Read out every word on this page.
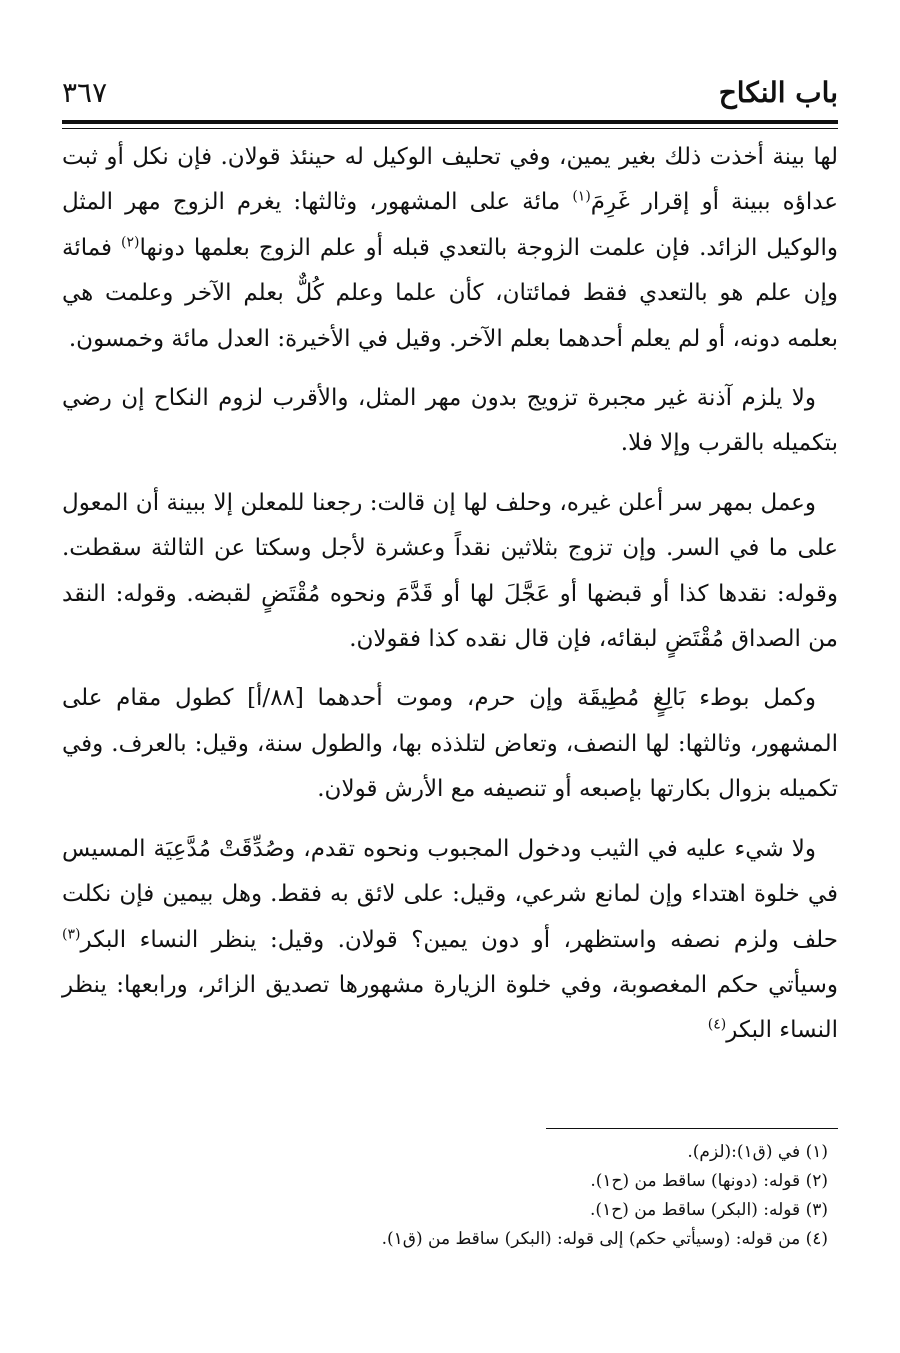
باب النكاح
٣٦٧

لها بينة أخذت ذلك بغير يمين، وفي تحليف الوكيل له حينئذ قولان. فإن نكل أو ثبت عداؤه ببينة أو إقرار غَرِمَ$^{(١)}$ مائة على المشهور، وثالثها: يغرم الزوج مهر المثل والوكيل الزائد. فإن علمت الزوجة بالتعدي قبله أو علم الزوج بعلمها دونها$^{(٢)}$ فمائة وإن علم هو بالتعدي فقط فمائتان، كأن علما وعلم كُلٌّ بعلم الآخر وعلمت هي بعلمه دونه، أو لم يعلم أحدهما بعلم الآخر. وقيل في الأخيرة: العدل مائة وخمسون.

ولا يلزم آذنة غير مجبرة تزويج بدون مهر المثل، والأقرب لزوم النكاح إن رضي بتكميله بالقرب وإلا فلا.

وعمل بمهر سر أعلن غيره، وحلف لها إن قالت: رجعنا للمعلن إلا ببينة أن المعول على ما في السر. وإن تزوج بثلاثين نقداً وعشرة لأجل وسكتا عن الثالثة سقطت. وقوله: نقدها كذا أو قبضها أو عَجَّلَ لها أو قَدَّمَ ونحوه مُقْتَضٍ لقبضه. وقوله: النقد من الصداق مُقْتَضٍ لبقائه، فإن قال نقده كذا فقولان.

وكمل بوطء بَالِغٍ مُطِيقَة وإن حرم، وموت أحدهما [٨٨/أ] كطول مقام على المشهور، وثالثها: لها النصف، وتعاض لتلذذه بها، والطول سنة، وقيل: بالعرف. وفي تكميله بزوال بكارتها بإصبعه أو تنصيفه مع الأرش قولان.

ولا شيء عليه في الثيب ودخول المجبوب ونحوه تقدم، وصُدِّقَتْ مُدَّعِيَة المسيس في خلوة اهتداء وإن لمانع شرعي، وقيل: على لائق به فقط. وهل بيمين فإن نكلت حلف ولزم نصفه واستظهر، أو دون يمين؟ قولان. وقيل: ينظر النساء البكر$^{(٣)}$ وسيأتي حكم المغصوبة، وفي خلوة الزيارة مشهورها تصديق الزائر، ورابعها: ينظر النساء البكر$^{(٤)}$

(١) في (ق١):(لزم).

(٢) قوله: (دونها) ساقط من (ح١).

(٣) قوله: (البكر) ساقط من (ح١).

(٤) من قوله: (وسيأتي حكم) إلى قوله: (البكر) ساقط من (ق١).
